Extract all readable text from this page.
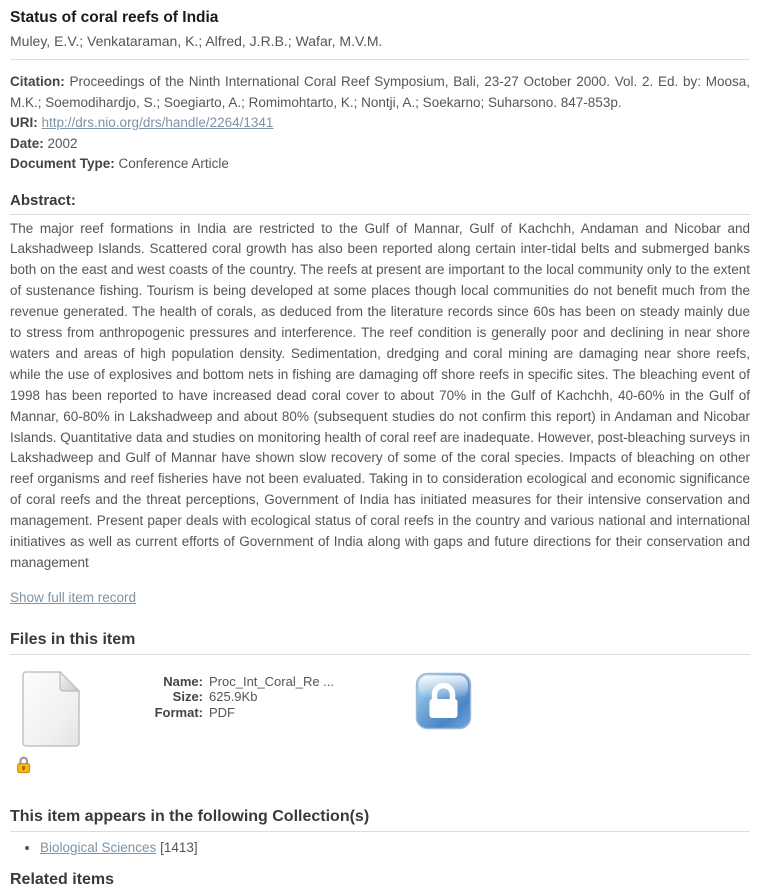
Status of coral reefs of India
Muley, E.V.; Venkataraman, K.; Alfred, J.R.B.; Wafar, M.V.M.

Citation: Proceedings of the Ninth International Coral Reef Symposium, Bali, 23-27 October 2000. Vol. 2. Ed. by: Moosa, M.K.; Soemodihardjo, S.; Soegiarto, A.; Romimohtarto, K.; Nontji, A.; Soekarno; Suharsono. 847-853p.

URI: http://drs.nio.org/drs/handle/2264/1341

Date: 2002

Document Type: Conference Article

Abstract:

The major reef formations in India are restricted to the Gulf of Mannar, Gulf of Kachchh, Andaman and Nicobar and Lakshadweep Islands. Scattered coral growth has also been reported along certain inter-tidal belts and submerged banks both on the east and west coasts of the country. The reefs at present are important to the local community only to the extent of sustenance fishing. Tourism is being developed at some places though local communities do not benefit much from the revenue generated. The health of corals, as deduced from the literature records since 60s has been on steady mainly due to stress from anthropogenic pressures and interference. The reef condition is generally poor and declining in near shore waters and areas of high population density. Sedimentation, dredging and coral mining are damaging near shore reefs, while the use of explosives and bottom nets in fishing are damaging off shore reefs in specific sites. The bleaching event of 1998 has been reported to have increased dead coral cover to about 70% in the Gulf of Kachchh, 40-60% in the Gulf of Mannar, 60-80% in Lakshadweep and about 80% (subsequent studies do not confirm this report) in Andaman and Nicobar Islands. Quantitative data and studies on monitoring health of coral reef are inadequate. However, post-bleaching surveys in Lakshadweep and Gulf of Mannar have shown slow recovery of some of the coral species. Impacts of bleaching on other reef organisms and reef fisheries have not been evaluated. Taking in to consideration ecological and economic significance of coral reefs and the threat perceptions, Government of India has initiated measures for their intensive conservation and management. Present paper deals with ecological status of coral reefs in the country and various national and international initiatives as well as current efforts of Government of India along with gaps and future directions for their conservation and management

Show full item record
Files in this item
Name: Proc_Int_Coral_Re ...
Size: 625.9Kb
Format: PDF
This item appears in the following Collection(s)
• Biological Sciences [1413]
Related items
